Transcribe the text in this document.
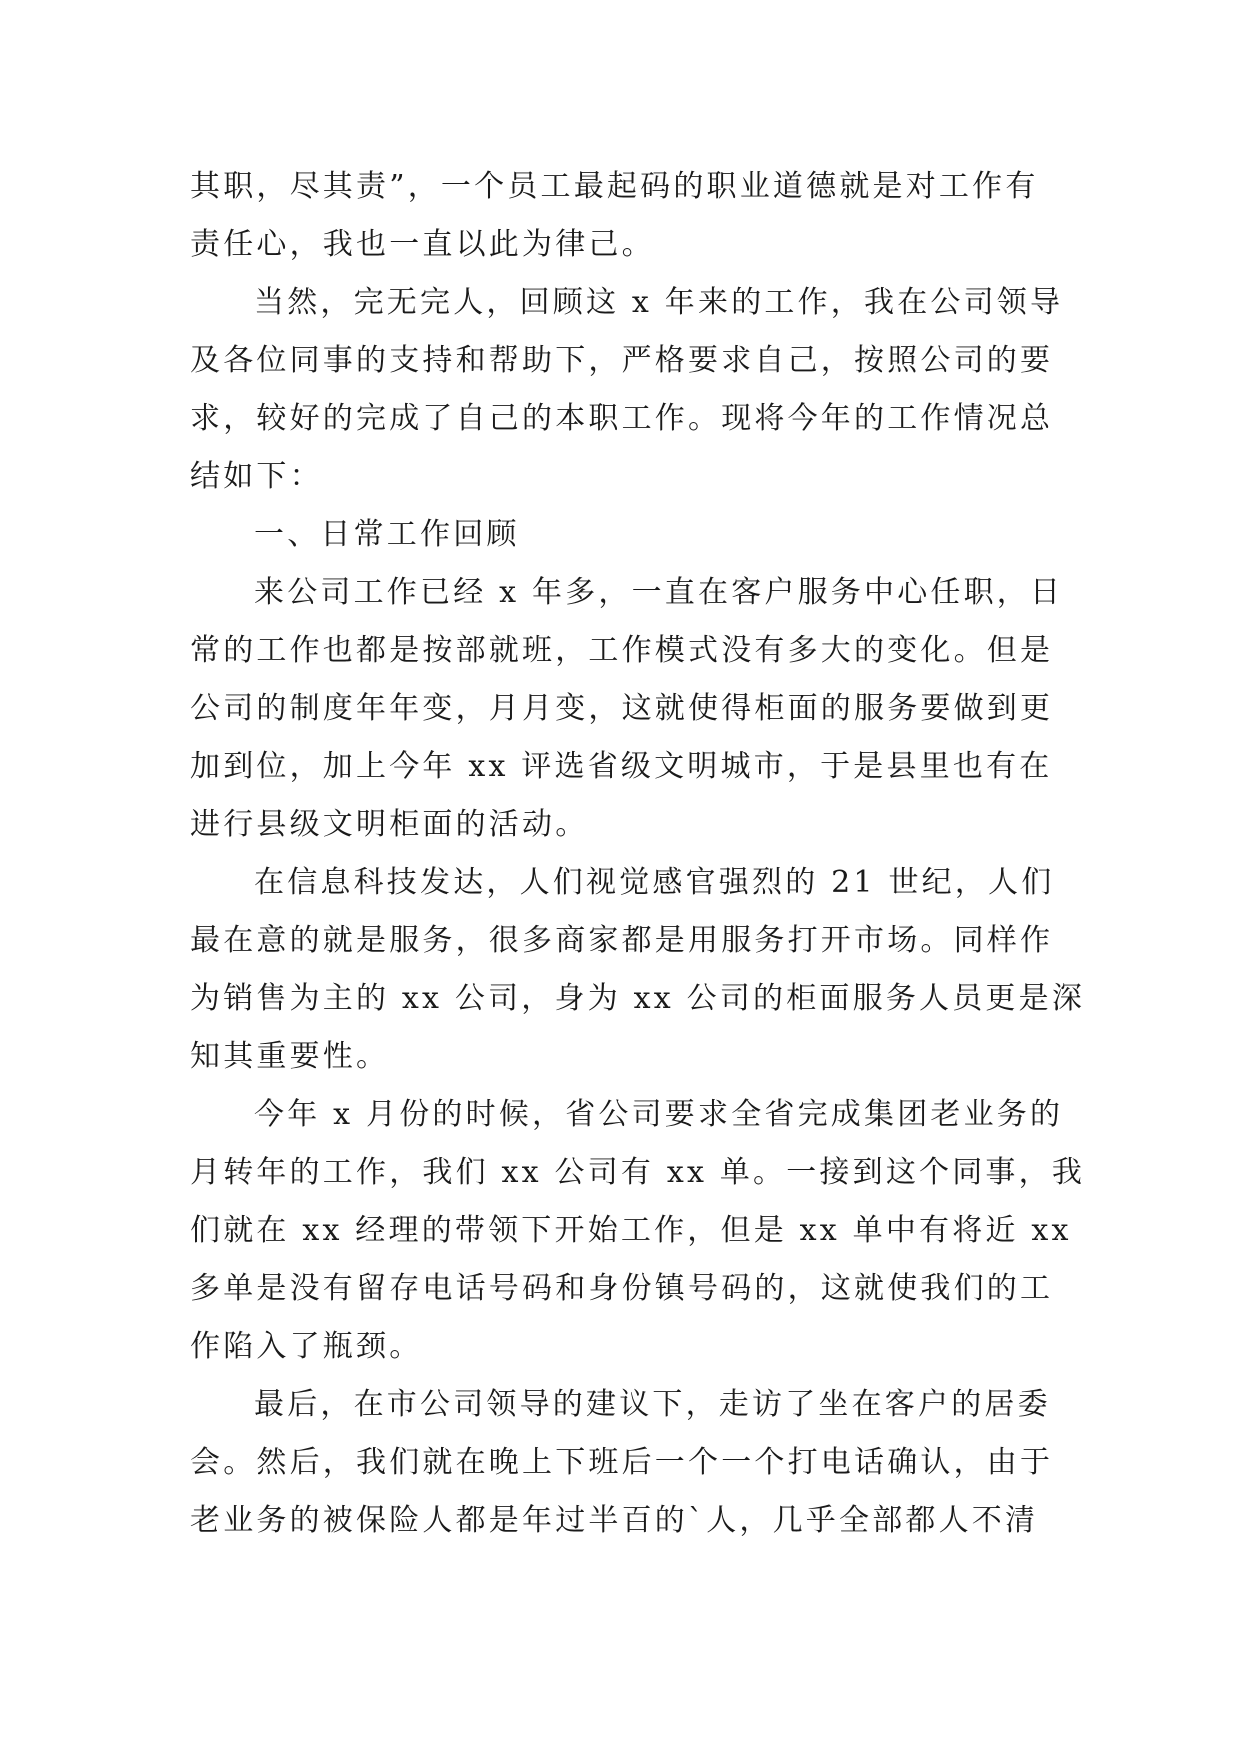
其职，尽其责”，一个员工最起码的职业道德就是对工作有
责任心，我也一直以此为律己。
当然，完无完人，回顾这 x 年来的工作，我在公司领导
及各位同事的支持和帮助下，严格要求自己，按照公司的要
求，较好的完成了自己的本职工作。现将今年的工作情况总
结如下：
一、日常工作回顾
来公司工作已经 x 年多，一直在客户服务中心任职，日
常的工作也都是按部就班，工作模式没有多大的变化。但是
公司的制度年年变，月月变，这就使得柜面的服务要做到更
加到位，加上今年 xx 评选省级文明城市，于是县里也有在
进行县级文明柜面的活动。
在信息科技发达，人们视觉感官强烈的 21 世纪，人们
最在意的就是服务，很多商家都是用服务打开市场。同样作
为销售为主的 xx 公司，身为 xx 公司的柜面服务人员更是深
知其重要性。
今年 x 月份的时候，省公司要求全省完成集团老业务的
月转年的工作，我们 xx 公司有 xx 单。一接到这个同事，我
们就在 xx 经理的带领下开始工作，但是 xx 单中有将近 xx
多单是没有留存电话号码和身份镇号码的，这就使我们的工
作陷入了瓶颈。
最后，在市公司领导的建议下，走访了坐在客户的居委
会。然后，我们就在晚上下班后一个一个打电话确认，由于
老业务的被保险人都是年过半百的`人，几乎全部都人不清
